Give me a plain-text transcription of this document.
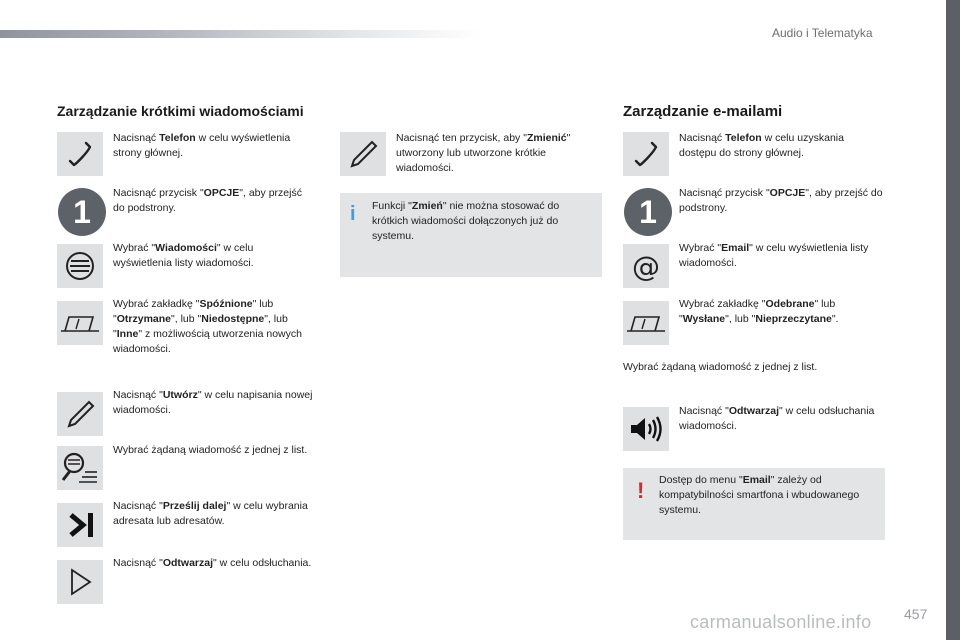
Audio i Telematyka
Zarządzanie krótkimi wiadomościami
Nacisnąć Telefon w celu wyświetlenia strony głównej.
1
Nacisnąć przycisk "OPCJE", aby przejść do podstrony.
Wybrać "Wiadomości" w celu wyświetlenia listy wiadomości.
Wybrać zakładkę "Spóźnione" lub "Otrzymane", lub "Niedostępne", lub "Inne" z możliwością utworzenia nowych wiadomości.
Nacisnąć "Utwórz" w celu napisania nowej wiadomości.
Wybrać żądaną wiadomość z jednej z list.
Nacisnąć "Prześlij dalej" w celu wybrania adresata lub adresatów.
Nacisnąć "Odtwarzaj" w celu odsłuchania.
Nacisnąć ten przycisk, aby "Zmienić" utworzony lub utworzone krótkie wiadomości.
i Funkcji "Zmień" nie można stosować do krótkich wiadomości dołączonych już do systemu.
Zarządzanie e-mailami
Nacisnąć Telefon w celu uzyskania dostępu do strony głównej.
1
Nacisnąć przycisk "OPCJE", aby przejść do podstrony.
@
Wybrać "Email" w celu wyświetlenia listy wiadomości.
Wybrać zakładkę "Odebrane" lub "Wysłane", lub "Nieprzeczytane".
Wybrać żądaną wiadomość z jednej z list.
Nacisnąć "Odtwarzaj" w celu odsłuchania wiadomości.
! Dostęp do menu "Email" zależy od kompatybilności smartfona i wbudowanego systemu.
carmanualsonline.info 457
